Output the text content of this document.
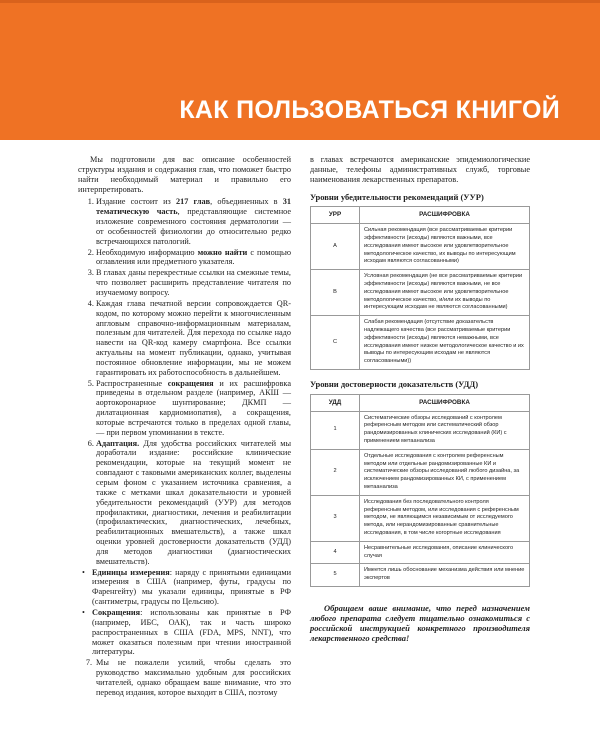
КАК ПОЛЬЗОВАТЬСЯ КНИГОЙ

Мы подготовили для вас описание особенностей структуры издания и содержания глав, что поможет быстро найти необходимый материал и правильно его интерпретировать.

1. Издание состоит из 217 глав, объединенных в 31 тематическую часть, представляющие системное изложение современного состояния дерматологии — от особенностей физиологии до относительно редко встречающихся патологий.
2. Необходимую информацию можно найти с помощью оглавления или предметного указателя.
3. В главах даны перекрестные ссылки на смежные темы, что позволяет расширить представление читателя по изучаемому вопросу.
4. Каждая глава печатной версии сопровождается QR-кодом, по которому можно перейти к многочисленным апгловым справочно-информационным материалам, полезным для читателей. Для перехода по ссылке надо навести на QR-код камеру смартфона. Все ссылки актуальны на момент публикации, однако, учитывая постоянное обновление информации, мы не можем гарантировать их работоспособность в дальнейшем.
5. Распространенные сокращения и их расшифровка приведены в отдельном разделе (например, АКШ — аортокоронарное шунтирование; ДКМП — дилатационная кардиомиопатия), а сокращения, которые встречаются только в пределах одной главы, — при первом упоминании в тексте.
6. Адаптация. Для удобства российских читателей мы доработали издание: российские клинические рекомендации, которые на текущий момент не совпадают с таковыми американских коллег, выделены серым фоном с указанием источника сравнения, а также с метками шкал доказательности и уровней убедительности рекомендаций (УУР) для методов профилактики, диагностики, лечения и реабилитации (профилактических, диагностических, лечебных, реабилитационных вмешательств), а также шкал оценки уровней достоверности доказательств (УДД) для методов диагностики (диагностических вмешательств).
• Единицы измерения: наряду с принятыми единицами измерения в США (например, футы, градусы по Фаренгейту) мы указали единицы, принятые в РФ (сантиметры, градусы по Цельсию).
• Сокращения: использованы как принятые в РФ (например, ИБС, ОАК), так и часть широко распространенных в США (FDA, MPS, NNT), что может оказаться полезным при чтении иностранной литературы.
7. Мы не пожалели усилий, чтобы сделать это руководство максимально удобным для российских читателей, однако обращаем ваше внимание, что это перевод издания, которое выходит в США, поэтому

в главах встречаются американские эпидемиологические данные, телефоны административных служб, торговые наименования лекарственных препаратов.

Уровни убедительности рекомендаций (УУР)
УРР	РАСШИФРОВКА
A	Сильная рекомендация (все рассматриваемые критерии эффективности (исходы) являются важными, все исследования имеют высокое или удовлетворительное методологическое качество, их выводы по интересующим исходам являются согласованными)
B	Условная рекомендация (не все рассматриваемые критерии эффективности (исходы) являются важными, не все исследования имеют высокое или удовлетворительное методологическое качество, и/или их выводы по интересующим исходам не являются согласованными)
C	Слабая рекомендация (отсутствие доказательств надлежащего качества (все рассматриваемые критерии эффективности (исходы) являются неважными, все исследования имеют низкое методологическое качество и их выводы по интересующим исходам не являются согласованными))
Уровни достоверности доказательств (УДД)
УДД	РАСШИФРОВКА
1	Систематические обзоры исследований с контролем референсным методом или систематический обзор рандомизированных клинических исследований (КИ) с применением метаанализа
2	Отдельные исследования с контролем референсным методом или отдельные рандомизированные КИ и систематические обзоры исследований любого дизайна, за исключением рандомизированных КИ, с применением метаанализа
3	Исследования без последовательного контроля референсным методом, или исследования с референсным методом, не являющимся независимым от исследуемого метода, или нерандомизированные сравнительные исследования, в том числе когортные исследования
4	Несравнительные исследования, описание клинического случая
5	Имеется лишь обоснование механизма действия или мнение экспертов

Обращаем ваше внимание, что перед назначением любого препарата следует тщательно ознакомиться с российской инструкцией конкретного производителя лекарственного средства!
